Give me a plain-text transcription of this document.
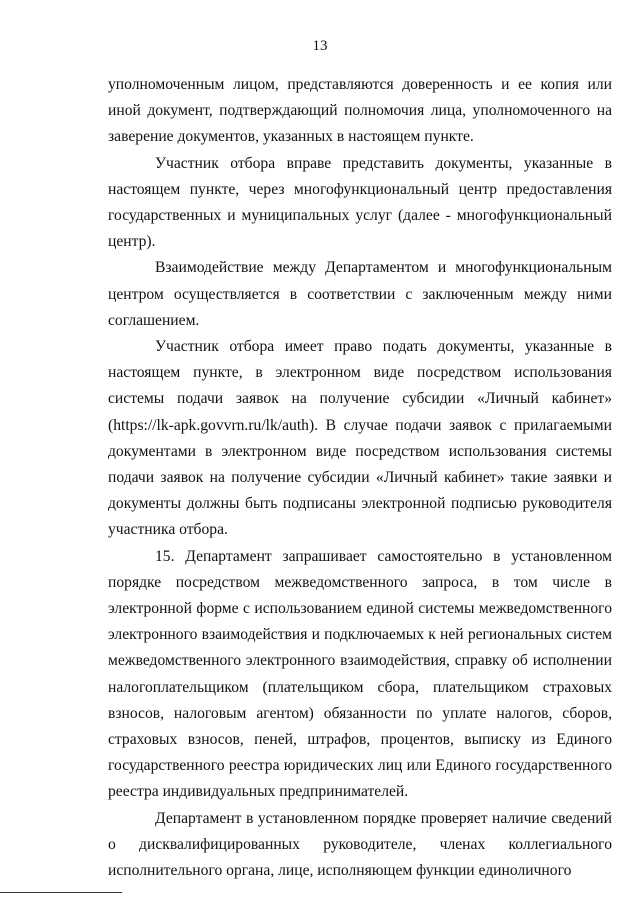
13

уполномоченным лицом, представляются доверенность и ее копия или иной документ, подтверждающий полномочия лица, уполномоченного на заверение документов, указанных в настоящем пункте.

Участник отбора вправе представить документы, указанные в настоящем пункте, через многофункциональный центр предоставления государственных и муниципальных услуг (далее - многофункциональный центр).

Взаимодействие между Департаментом и многофункциональным центром осуществляется в соответствии с заключенным между ними соглашением.

Участник отбора имеет право подать документы, указанные в настоящем пункте, в электронном виде посредством использования системы подачи заявок на получение субсидии «Личный кабинет» (https://lk-apk.govvrn.ru/lk/auth). В случае подачи заявок с прилагаемыми документами в электронном виде посредством использования системы подачи заявок на получение субсидии «Личный кабинет» такие заявки и документы должны быть подписаны электронной подписью руководителя участника отбора.

15. Департамент запрашивает самостоятельно в установленном порядке посредством межведомственного запроса, в том числе в электронной форме с использованием единой системы межведомственного электронного взаимодействия и подключаемых к ней региональных систем межведомственного электронного взаимодействия, справку об исполнении налогоплательщиком (плательщиком сбора, плательщиком страховых взносов, налоговым агентом) обязанности по уплате налогов, сборов, страховых взносов, пеней, штрафов, процентов, выписку из Единого государственного реестра юридических лиц или Единого государственного реестра индивидуальных предпринимателей.

Департамент в установленном порядке проверяет наличие сведений о дисквалифицированных руководителе, членах коллегиального исполнительного органа, лице, исполняющем функции единоличного
